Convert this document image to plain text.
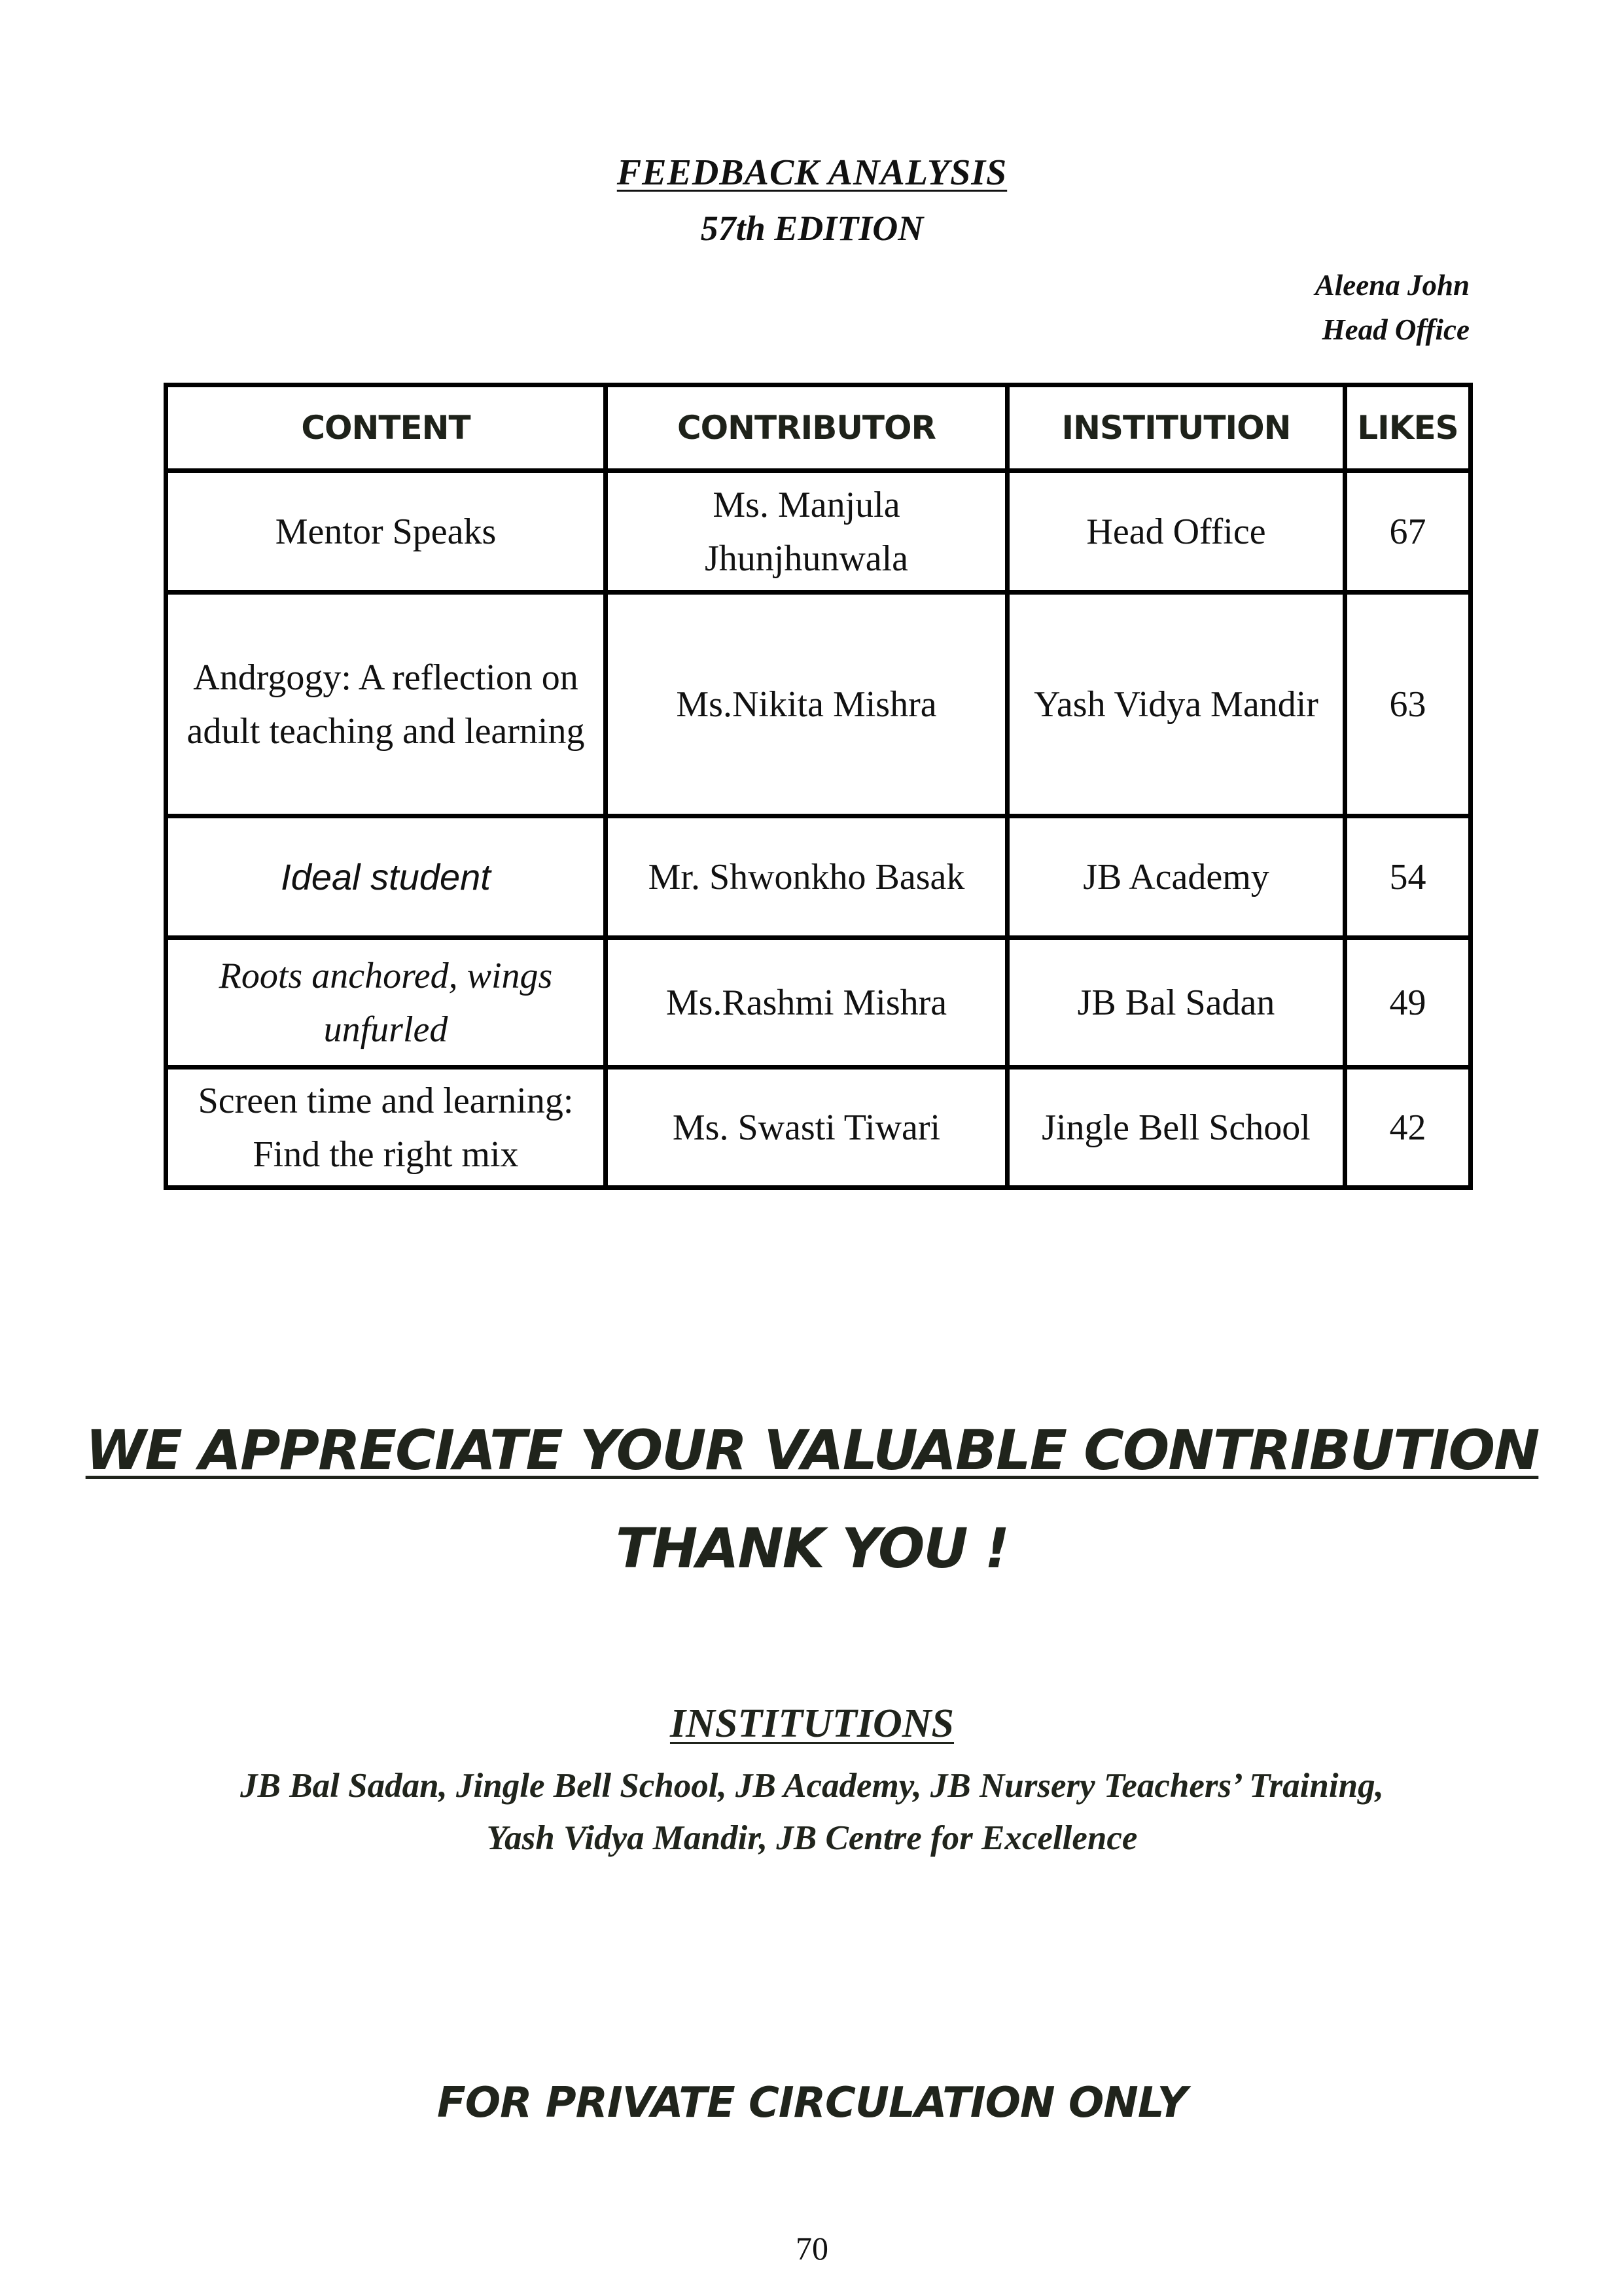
FEEDBACK ANALYSIS
57th EDITION
Aleena John
Head Office
CONTENT	CONTRIBUTOR	INSTITUTION	LIKES
Mentor Speaks	Ms. Manjula Jhunjhunwala	Head Office	67
Andrgogy: A reflection on adult teaching and learning	Ms.Nikita Mishra	Yash Vidya Mandir	63
Ideal student	Mr. Shwonkho Basak	JB Academy	54
Roots anchored, wings unfurled	Ms.Rashmi Mishra	JB Bal Sadan	49
Screen time and learning: Find the right mix	Ms. Swasti Tiwari	Jingle Bell School	42
WE APPRECIATE YOUR VALUABLE CONTRIBUTION
THANK YOU !
INSTITUTIONS
JB Bal Sadan, Jingle Bell School, JB Academy, JB Nursery Teachers’ Training,
Yash Vidya Mandir, JB Centre for Excellence
FOR PRIVATE CIRCULATION ONLY
70
